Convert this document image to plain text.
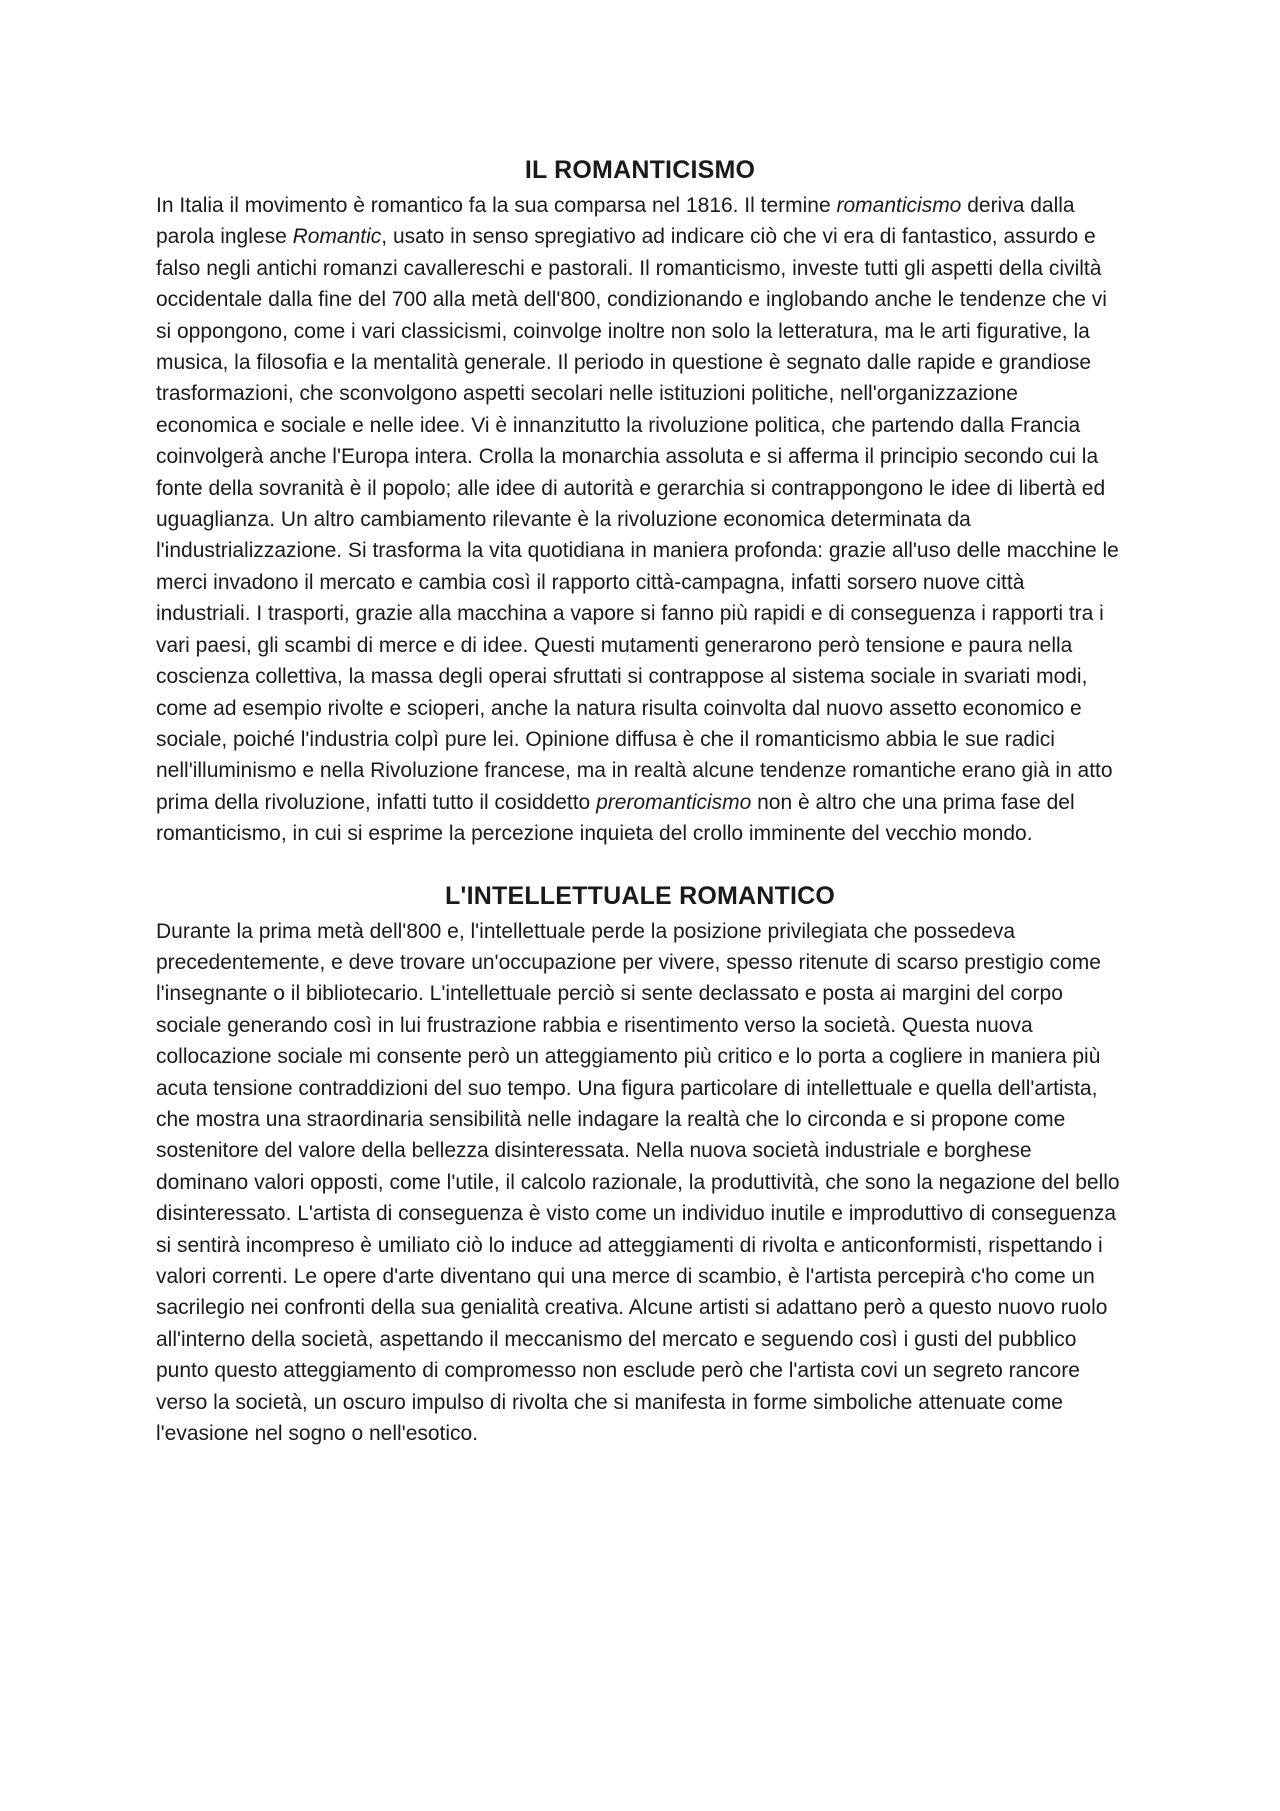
IL ROMANTICISMO

In Italia il movimento è romantico fa la sua comparsa nel 1816. Il termine romanticismo deriva dalla parola inglese Romantic, usato in senso spregiativo ad indicare ciò che vi era di fantastico, assurdo e falso negli antichi romanzi cavallereschi e pastorali. Il romanticismo, investe tutti gli aspetti della civiltà occidentale dalla fine del 700 alla metà dell'800, condizionando e inglobando anche le tendenze che vi si oppongono, come i vari classicismi, coinvolge inoltre non solo la letteratura, ma le arti figurative, la musica, la filosofia e la mentalità generale. Il periodo in questione è segnato dalle rapide e grandiose trasformazioni, che sconvolgono aspetti secolari nelle istituzioni politiche, nell'organizzazione economica e sociale e nelle idee. Vi è innanzitutto la rivoluzione politica, che partendo dalla Francia coinvolgerà anche l'Europa intera. Crolla la monarchia assoluta e si afferma il principio secondo cui la fonte della sovranità è il popolo; alle idee di autorità e gerarchia si contrappongono le idee di libertà ed uguaglianza. Un altro cambiamento rilevante è la rivoluzione economica determinata da l'industrializzazione. Si trasforma la vita quotidiana in maniera profonda: grazie all'uso delle macchine le merci invadono il mercato e cambia così il rapporto città-campagna, infatti sorsero nuove città industriali. I trasporti, grazie alla macchina a vapore si fanno più rapidi e di conseguenza i rapporti tra i vari paesi, gli scambi di merce e di idee. Questi mutamenti generarono però tensione e paura nella coscienza collettiva, la massa degli operai sfruttati si contrappose al sistema sociale in svariati modi, come ad esempio rivolte e scioperi, anche la natura risulta coinvolta dal nuovo assetto economico e sociale, poiché l'industria colpì pure lei. Opinione diffusa è che il romanticismo abbia le sue radici nell'illuminismo e nella Rivoluzione francese, ma in realtà alcune tendenze romantiche erano già in atto prima della rivoluzione, infatti tutto il cosiddetto preromanticismo non è altro che una prima fase del romanticismo, in cui si esprime la percezione inquieta del crollo imminente del vecchio mondo.

L'INTELLETTUALE ROMANTICO

Durante la prima metà dell'800 e, l'intellettuale perde la posizione privilegiata che possedeva precedentemente, e deve trovare un'occupazione per vivere, spesso ritenute di scarso prestigio come l'insegnante o il bibliotecario. L'intellettuale perciò si sente declassato e posta ai margini del corpo sociale generando così in lui frustrazione rabbia e risentimento verso la società. Questa nuova collocazione sociale mi consente però un atteggiamento più critico e lo porta a cogliere in maniera più acuta tensione contraddizioni del suo tempo. Una figura particolare di intellettuale e quella dell'artista, che mostra una straordinaria sensibilità nelle indagare la realtà che lo circonda e si propone come sostenitore del valore della bellezza disinteressata. Nella nuova società industriale e borghese dominano valori opposti, come l'utile, il calcolo razionale, la produttività, che sono la negazione del bello disinteressato. L'artista di conseguenza è visto come un individuo inutile e improduttivo di conseguenza si sentirà incompreso è umiliato ciò lo induce ad atteggiamenti di rivolta e anticonformisti, rispettando i valori correnti. Le opere d'arte diventano qui una merce di scambio, è l'artista percepirà c'ho come un sacrilegio nei confronti della sua genialità creativa. Alcune artisti si adattano però a questo nuovo ruolo all'interno della società, aspettando il meccanismo del mercato e seguendo così i gusti del pubblico punto questo atteggiamento di compromesso non esclude però che l'artista covi un segreto rancore verso la società, un oscuro impulso di rivolta che si manifesta in forme simboliche attenuate come l'evasione nel sogno o nell'esotico.
